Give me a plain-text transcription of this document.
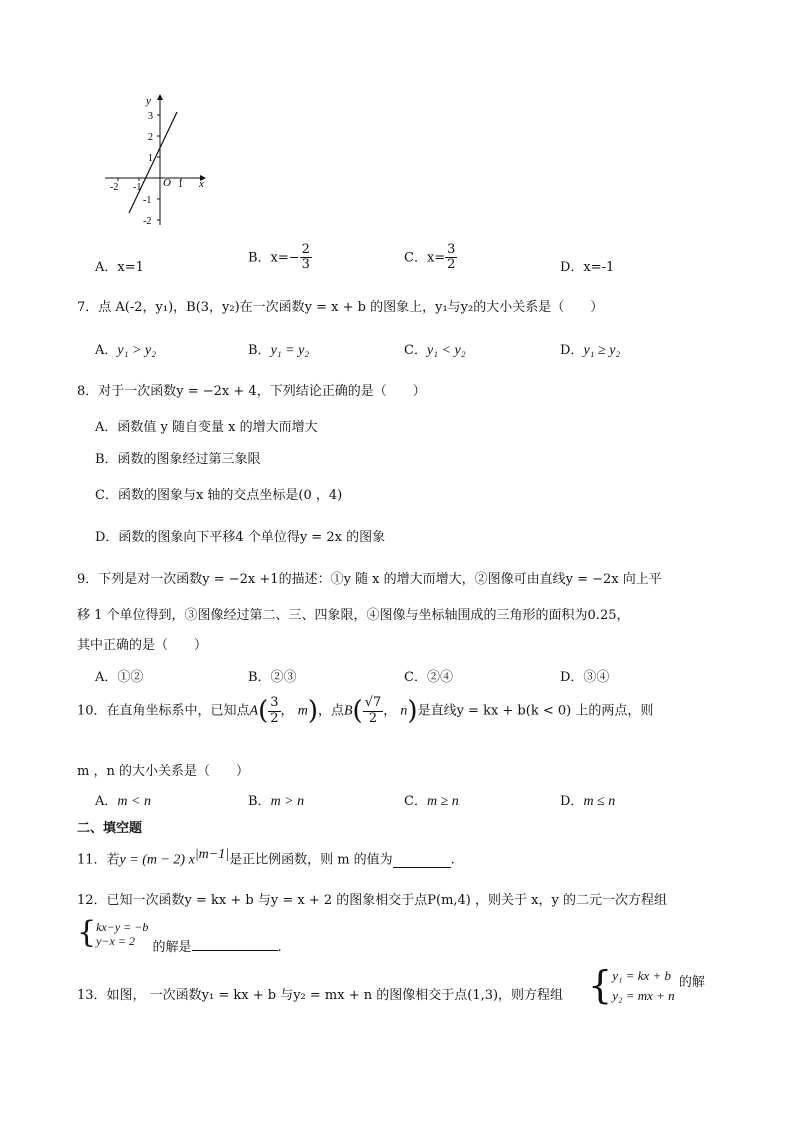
y
x
O
3
2
1
-1
-2
-2 -1	1
A．x=1
B．$x=- \frac{2}{3}$	C．$x= \frac{3}{2}$	D．x=-1
7．点 A(-2，y₁)，B(3，y₂)在一次函数y = x + b 的图象上，y₁与y₂的大小关系是（　　）
A．y₁ > y₂	B．y₁ = y₂	C．y₁ < y₂	D．y₁ ≥ y₂
8．对于一次函数y = −2x + 4，下列结论正确的是（　　）
A．函数值 y 随自变量 x 的增大而增大
B．函数的图象经过第三象限
C．函数的图象与x 轴的交点坐标是(0 ，4)
D．函数的图象向下平移4 个单位得y = 2x 的图象
9．下列是对一次函数y = −2x +1的描述：①y 随 x 的增大而增大，②图像可由直线y = −2x 向上平
移 1 个单位得到，③图像经过第二、三、四象限，④图像与坐标轴围成的三角形的面积为0.25，
其中正确的是（　　）
A．①②	B．②③	C．②④	D．③④
10．在直角坐标系中，已知点$A( \frac{3}{2}$ ， m)，点$B( \frac{√7}{2}$ ， n)是直线y = kx + b(k < 0) 上的两点，则
m ，n 的大小关系是（　　）
A．m < n	B．m > n	C．m ≥ n	D．m ≤ n
二、填空题
11．若y = (m − 2) $x^{|m-1|}$是正比例函数，则 m 的值为	.
12．已知一次函数y = kx + b 与y = x + 2 的图象相交于点P(m,4) ，则关于 x，y 的二元一次方程组
{ kx−y = −b
y−x = 2	的解是	.
13．如图， 一次函数y₁ = kx + b 与y₂ = mx + n 的图像相交于点(1,3)，则方程组 { y₁ = kx + b
y₂ = mx + n
的解
